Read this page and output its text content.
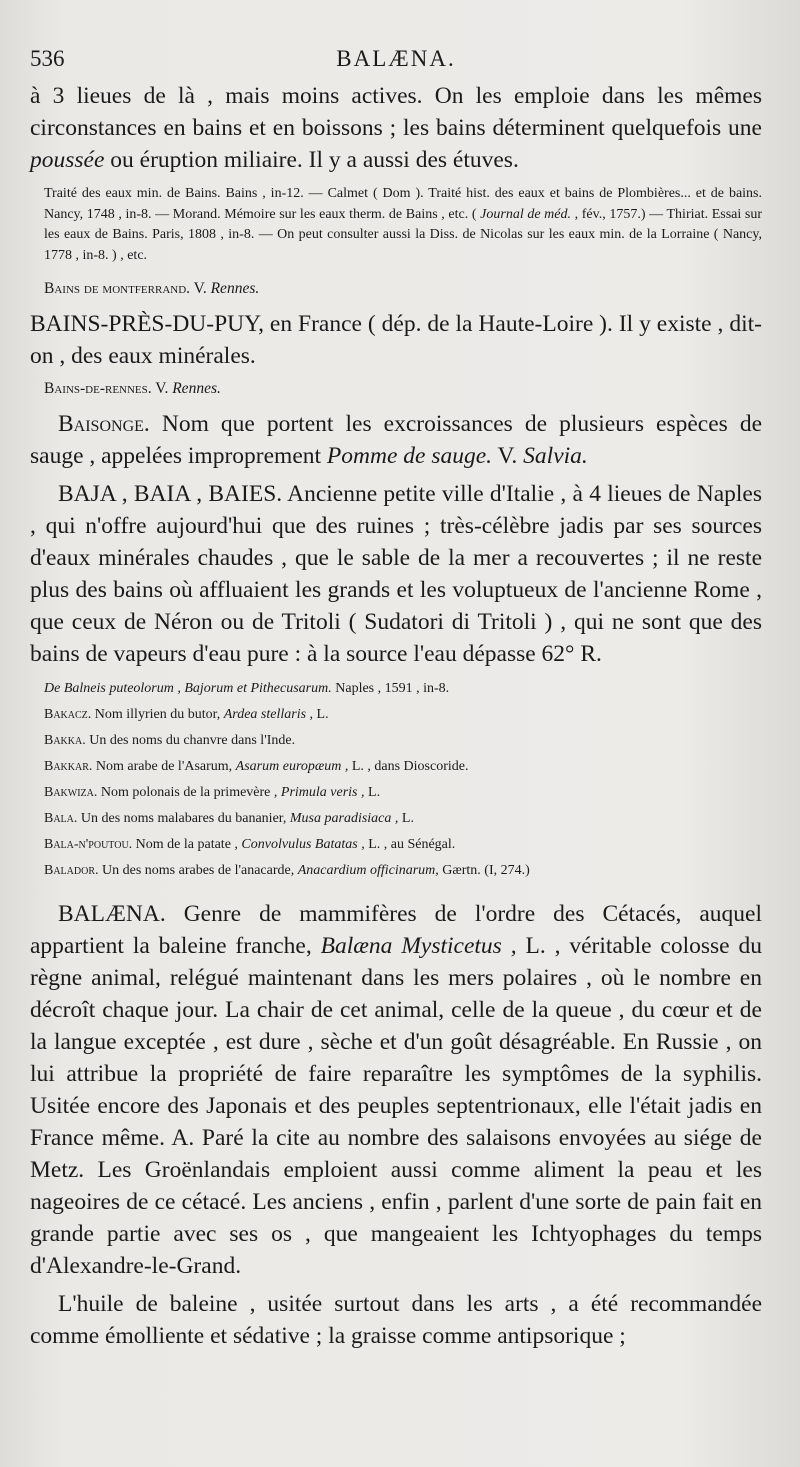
536	BALÆNA.

à 3 lieues de là , mais moins actives. On les emploie dans les mêmes circonstances en bains et en boissons ; les bains déterminent quelquefois une poussée ou éruption miliaire. Il y a aussi des étuves.

Traité des eaux min. de Bains. Bains , in-12. — Calmet ( Dom ). Traité hist. des eaux et bains de Plombières... et de bains. Nancy, 1748 , in-8. — Morand. Mémoire sur les eaux therm. de Bains , etc. ( Journal de méd. , fév., 1757.) — Thiriat. Essai sur les eaux de Bains. Paris, 1808 , in-8. — On peut consulter aussi la Diss. de Nicolas sur les eaux min. de la Lorraine ( Nancy, 1778 , in-8. ) , etc.

Bains de montferrand. V. Rennes.

BAINS-PRÈS-DU-PUY, en France ( dép. de la Haute-Loire ). Il y existe , dit-on , des eaux minérales.

Bains-de-rennes. V. Rennes.

Baisonge. Nom que portent les excroissances de plusieurs espèces de sauge , appelées improprement Pomme de sauge. V. Salvia.

BAJA , BAIA , BAIES. Ancienne petite ville d'Italie , à 4 lieues de Naples , qui n'offre aujourd'hui que des ruines ; très-célèbre jadis par ses sources d'eaux minérales chaudes , que le sable de la mer a recouvertes ; il ne reste plus des bains où affluaient les grands et les voluptueux de l'ancienne Rome , que ceux de Néron ou de Tritoli ( Sudatori di Tritoli ) , qui ne sont que des bains de vapeurs d'eau pure : à la source l'eau dépasse 62° R.

De Balneis puteolorum , Bajorum et Pithecusarum. Naples , 1591 , in-8.

Bakacz. Nom illyrien du butor, Ardea stellaris , L.

Bakka. Un des noms du chanvre dans l'Inde.

Bakkar. Nom arabe de l'Asarum, Asarum europæum , L. , dans Dioscoride.

Bakwiza. Nom polonais de la primevère , Primula veris , L.

Bala. Un des noms malabares du bananier, Musa paradisiaca , L.

Bala-n'poutou. Nom de la patate , Convolvulus Batatas , L. , au Sénégal.

Balador. Un des noms arabes de l'anacarde, Anacardium officinarum, Gærtn. (I, 274.)

BALÆNA. Genre de mammifères de l'ordre des Cétacés, auquel appartient la baleine franche, Balæna Mysticetus , L. , véritable colosse du règne animal, relégué maintenant dans les mers polaires , où le nombre en décroît chaque jour. La chair de cet animal, celle de la queue , du cœur et de la langue exceptée , est dure , sèche et d'un goût désagréable. En Russie , on lui attribue la propriété de faire reparaître les symptômes de la syphilis. Usitée encore des Japonais et des peuples septentrionaux, elle l'était jadis en France même. A. Paré la cite au nombre des salaisons envoyées au siége de Metz. Les Groënlandais emploient aussi comme aliment la peau et les nageoires de ce cétacé. Les anciens , enfin , parlent d'une sorte de pain fait en grande partie avec ses os , que mangeaient les Ichtyophages du temps d'Alexandre-le-Grand.

L'huile de baleine , usitée surtout dans les arts , a été recommandée comme émolliente et sédative ; la graisse comme antipsorique ;
